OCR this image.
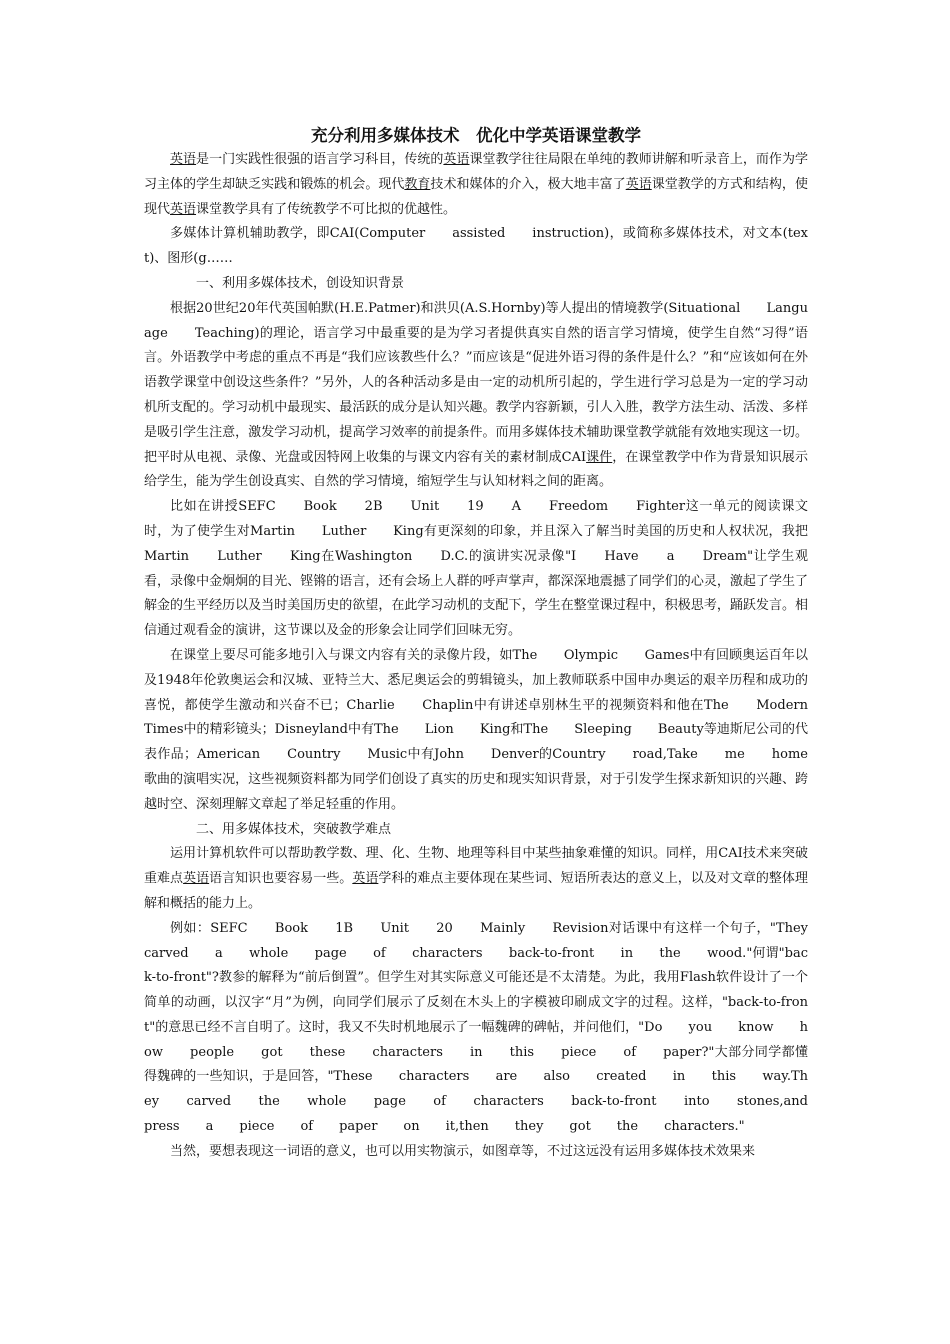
充分利用多媒体技术　优化中学英语课堂教学

英语是一门实践性很强的语言学习科目，传统的英语课堂教学往往局限在单纯的教师讲解和听录音上，而作为学习主体的学生却缺乏实践和锻炼的机会。现代教育技术和媒体的介入，极大地丰富了英语课堂教学的方式和结构，使现代英语课堂教学具有了传统教学不可比拟的优越性。

多媒体计算机辅助教学，即CAI(Computer　　assisted　　instruction)，或简称多媒体技术，对文本(text)、图形(g……

一、利用多媒体技术，创设知识背景

根据20世纪20年代英国帕默(H.E.Patmer)和洪贝(A.S.Hornby)等人提出的情境教学(Situational　　Language　　Teaching)的理论，语言学习中最重要的是为学习者提供真实自然的语言学习情境，使学生自然“习得”语言。外语教学中考虑的重点不再是“我们应该教些什么？”而应该是“促进外语习得的条件是什么？”和“应该如何在外语教学课堂中创设这些条件？”另外，人的各种活动多是由一定的动机所引起的，学生进行学习总是为一定的学习动机所支配的。学习动机中最现实、最活跃的成分是认知兴趣。教学内容新颖，引人入胜，教学方法生动、活泼、多样是吸引学生注意，激发学习动机，提高学习效率的前提条件。而用多媒体技术辅助课堂教学就能有效地实现这一切。把平时从电视、录像、光盘或因特网上收集的与课文内容有关的素材制成CAI课件，在课堂教学中作为背景知识展示给学生，能为学生创设真实、自然的学习情境，缩短学生与认知材料之间的距离。

比如在讲授SEFC　　Book　　2B　　Unit　　19　　A　　Freedom　　Fighter这一单元的阅读课文时，为了使学生对Martin　　Luther　　King有更深刻的印象，并且深入了解当时美国的历史和人权状况，我把Martin　　Luther　　King在Washington　　D.C.的演讲实况录像"I　　Have　　a　　Dream"让学生观看，录像中金炯炯的目光、铿锵的语言，还有会场上人群的呼声掌声，都深深地震撼了同学们的心灵，激起了学生了解金的生平经历以及当时美国历史的欲望，在此学习动机的支配下，学生在整堂课过程中，积极思考，踊跃发言。相信通过观看金的演讲，这节课以及金的形象会让同学们回味无穷。

在课堂上要尽可能多地引入与课文内容有关的录像片段，如The　　Olympic　　Games中有回顾奥运百年以及1948年伦敦奥运会和汉城、亚特兰大、悉尼奥运会的剪辑镜头，加上教师联系中国申办奥运的艰辛历程和成功的喜悦，都使学生激动和兴奋不已；Charlie　　Chaplin中有讲述卓别林生平的视频资料和他在The　　Modern　　Times中的精彩镜头；Disneyland中有The　　Lion　　King和The　　Sleeping　　Beauty等迪斯尼公司的代表作品；American　　Country　　Music中有John　　Denver的Country　　road,Take　　me　　home歌曲的演唱实况，这些视频资料都为同学们创设了真实的历史和现实知识背景，对于引发学生探求新知识的兴趣、跨越时空、深刻理解文章起了举足轻重的作用。

二、用多媒体技术，突破教学难点

运用计算机软件可以帮助教学数、理、化、生物、地理等科目中某些抽象难懂的知识。同样，用CAI技术来突破重难点英语语言知识也要容易一些。英语学科的难点主要体现在某些词、短语所表达的意义上，以及对文章的整体理解和概括的能力上。

例如：SEFC　　Book　　1B　　Unit　　20　　Mainly　　Revision对话课中有这样一个句子，"They　　carved　　a　　whole　　page　　of　　characters　　back-to-front　　in　　the　　wood."何谓"back-to-front"?教参的解释为“前后倒置”。但学生对其实际意义可能还是不太清楚。为此，我用Flash软件设计了一个简单的动画，以汉字“月”为例，向同学们展示了反刻在木头上的字模被印刷成文字的过程。这样，"back-to-front"的意思已经不言自明了。这时，我又不失时机地展示了一幅魏碑的碑帖，并问他们，"Do　　you　　know　　how　　people　　got　　these　　characters　　in　　this　　piece　　of　　paper?"大部分同学都懂得魏碑的一些知识，于是回答，"These　　characters　　are　　also　　created　　in　　this　　way.They　　carved　　the　　whole　　page　　of　　characters　　back-to-front　　into　　stones,and　　press　　a　　piece　　of　　paper　　on　　it,then　　they　　got　　the　　characters."

当然，要想表现这一词语的意义，也可以用实物演示，如图章等，不过这远没有运用多媒体技术效果来
